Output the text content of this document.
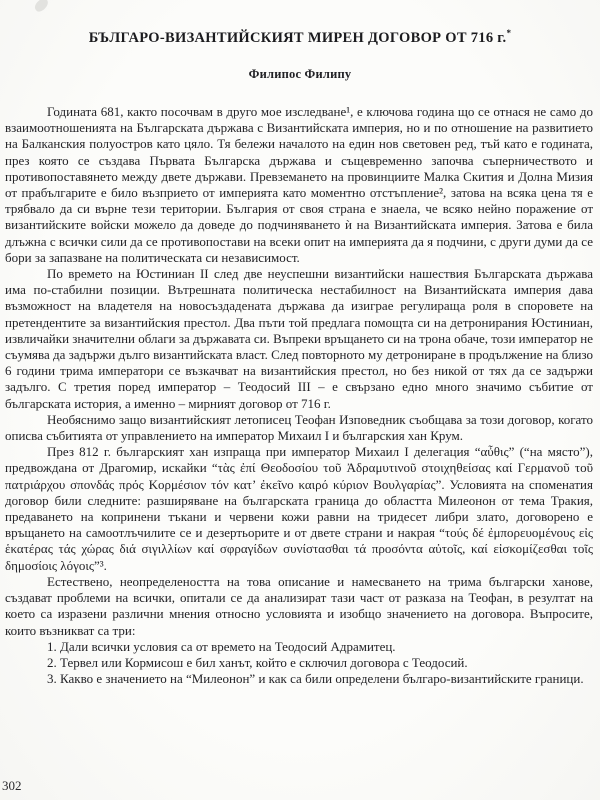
БЪЛГАРО-ВИЗАНТИЙСКИЯТ МИРЕН ДОГОВОР ОТ 716 г.*
Филипос Филипу

Годината 681, както посочвам в друго мое изследване¹, е ключова година що се отнася не само до взаимоотношенията на Българската държава с Византийската империя, но и по отношение на развитието на Балканския полуостров като цяло. Тя бележи началото на един нов световен ред, тъй като е годината, през която се създава Първата Българска държава и същевременно започва съперничеството и противопоставянето между двете държави. Превземането на провинциите Малка Скития и Долна Мизия от прабългарите е било възприето от империята като моментно отстъпление², затова на всяка цена тя е трябвало да си върне тези територии. България от своя страна е знаела, че всяко нейно поражение от византийските войски можело да доведе до подчиняването ѝ на Византийската империя. Затова е била длъжна с всички сили да се противопостави на всеки опит на империята да я подчини, с други думи да се бори за запазване на политическата си независимост.

По времето на Юстиниан II след две неуспешни византийски нашествия Българската държава има по-стабилни позиции. Вътрешната политическа нестабилност на Византийската империя дава възможност на владетеля на новосъздадената държава да изиграе регулираща роля в споровете на претендентите за византийския престол. Два пъти той предлага помощта си на детронирания Юстиниан, извличайки значителни облаги за държавата си. Въпреки връщането си на трона обаче, този император не съумява да задържи дълго византийската власт. След повторното му детрониране в продължение на близо 6 години трима императори се възкачват на византийския престол, но без никой от тях да се задържи задълго. С третия поред император – Теодосий III – е свързано едно много значимо събитие от българската история, а именно – мирният договор от 716 г.

Необяснимо защо византийският летописец Теофан Изповедник съобщава за този договор, когато описва събитията от управлението на император Михаил I и българския хан Крум.

През 812 г. българският хан изпраща при император Михаил I делегация “αὖθις” (“на място”), предвождана от Драгомир, искайки “τὰς ἐπί Θεοδοσίου τοῦ Ἀδραμυτινοῦ στοιχηθείσας καί Γερμανοῦ τοῦ πατριάρχου σπονδάς πρός Κορμέσιον τόν κατ’ ἐκεῖνο καιρό κύριον Βουλγαρίας”. Условията на споменатия договор били следните: разширяване на българската граница до областта Милеонон от тема Тракия, предаването на копринени тъкани и червени кожи равни на тридесет либри злато, договорено е връщането на самоотлъчилите се и дезертьорите и от двете страни и накрая “τούς δέ ἐμπορευομένους εἰς ἑκατέρας τάς χώρας διά σιγιλλίων καί σφραγίδων συνίστασθαι τά προσόντα αὐτοῖς, καί εἰσκομίζεσθαι τοῖς δημοσίοις λόγοις”³.

Естествено, неопределеността на това описание и намесването на трима български ханове, създават проблеми на всички, опитали се да анализират тази част от разказа на Теофан, в резултат на което са изразени различни мнения относно условията и изобщо значението на договора. Въпросите, които възникват са три:

1. Дали всички условия са от времето на Теодосий Адрамитец.

2. Тервел или Кормисош е бил ханът, който е сключил договора с Теодосий.

3. Какво е значението на “Милеонон” и как са били определени българо-византийските граници.

302
